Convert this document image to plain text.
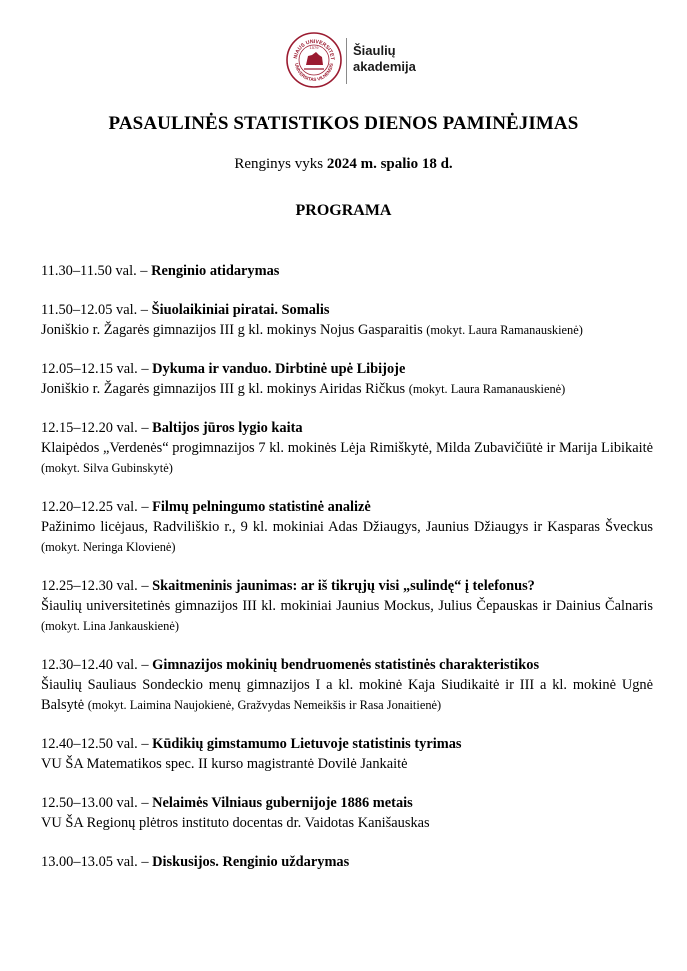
NIAUS UNIVERSITET
UNIVERSITAS VILNENSIS
1579	Šiaulių
akademija
PASAULINĖS STATISTIKOS DIENOS PAMINĖJIMAS
Renginys vyks 2024 m. spalio 18 d.
PROGRAMA
11.30–11.50 val. – Renginio atidarymas
11.50–12.05 val. – Šiuolaikiniai piratai. Somalis
Joniškio r. Žagarės gimnazijos III g kl. mokinys Nojus Gasparaitis (mokyt. Laura Ramanauskienė)
12.05–12.15 val. – Dykuma ir vanduo. Dirbtinė upė Libijoje
Joniškio r. Žagarės gimnazijos III g kl. mokinys Airidas Ričkus (mokyt. Laura Ramanauskienė)
12.15–12.20 val. – Baltijos jūros lygio kaita
Klaipėdos „Verdenės“ progimnazijos 7 kl. mokinės Lėja Rimiškytė, Milda Zubavičiūtė ir Marija Libikaitė (mokyt. Silva Gubinskytė)
12.20–12.25 val. – Filmų pelningumo statistinė analizė
Pažinimo licėjaus, Radviliškio r., 9 kl. mokiniai Adas Džiaugys, Jaunius Džiaugys ir Kasparas Šveckus (mokyt. Neringa Klovienė)
12.25–12.30 val. – Skaitmeninis jaunimas: ar iš tikrųjų visi „sulindę“ į telefonus?
Šiaulių universitetinės gimnazijos III kl. mokiniai Jaunius Mockus, Julius Čepauskas ir Dainius Čalnaris (mokyt. Lina Jankauskienė)
12.30–12.40 val. – Gimnazijos mokinių bendruomenės statistinės charakteristikos
Šiaulių Sauliaus Sondeckio menų gimnazijos I a kl. mokinė Kaja Siudikaitė ir III a kl. mokinė Ugnė Balsytė (mokyt. Laimina Naujokienė, Gražvydas Nemeikšis ir Rasa Jonaitienė)
12.40–12.50 val. – Kūdikių gimstamumo Lietuvoje statistinis tyrimas
VU ŠA Matematikos spec. II kurso magistrantė Dovilė Jankaitė
12.50–13.00 val. – Nelaimės Vilniaus gubernijoje 1886 metais
VU ŠA Regionų plėtros instituto docentas dr. Vaidotas Kanišauskas
13.00–13.05 val. – Diskusijos. Renginio uždarymas
